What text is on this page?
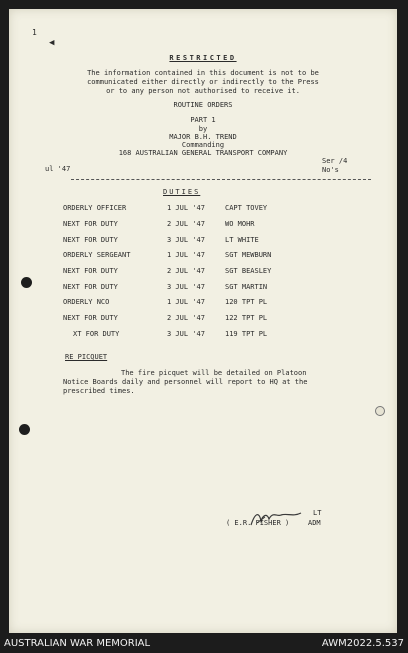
1
◀
RESTRICTED
The information contained in this document is not to be
communicated either directly or indirectly to the Press
or to any person not authorised to receive it.
ROUTINE ORDERS
PART 1
by
MAJOR B.H. TREND
Commanding
168 AUSTRALIAN GENERAL TRANSPORT COMPANY
ul '47
Ser /4
No's
DUTIES
ORDERLY OFFICER	1 JUL '47	CAPT TOVEY
NEXT FOR DUTY	2 JUL '47	WO MOHR
NEXT FOR DUTY	3 JUL '47	LT WHITE
ORDERLY SERGEANT	1 JUL '47	SGT MEWBURN
NEXT FOR DUTY	2 JUL '47	SGT BEASLEY
NEXT FOR DUTY	3 JUL '47	SGT MARTIN
ORDERLY NCO	1 JUL '47	120 TPT PL
NEXT FOR DUTY	2 JUL '47	122 TPT PL
XT FOR DUTY	3 JUL '47	119 TPT PL
RE PICQUET
The fire picquet will be detailed on Platoon
Notice Boards daily and personnel will report to HQ at the
prescribed times.
LT
( E.R. FISHER )	ADM
AUSTRALIAN WAR MEMORIAL	AWM2022.5.537
